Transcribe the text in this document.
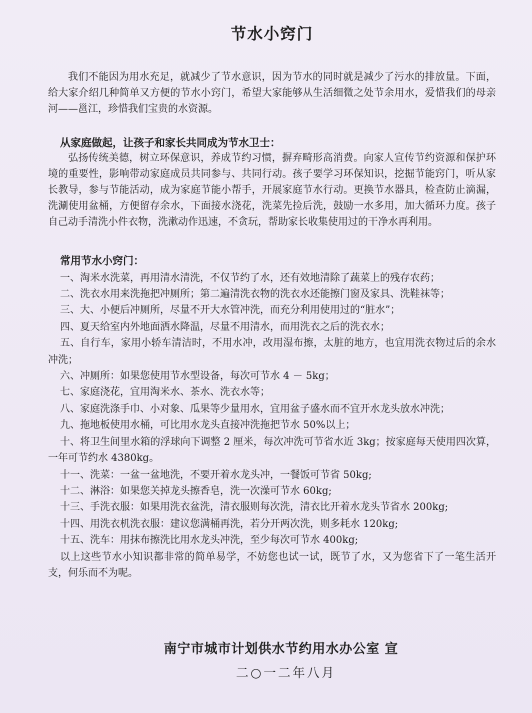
节水小窍门

我们不能因为用水充足，就减少了节水意识，因为节水的同时就是减少了污水的排放量。下面，给大家介绍几种简单又方便的节水小窍门，希望大家能够从生活细微之处节余用水，爱惜我们的母亲河——邕江，珍惜我们宝贵的水资源。

从家庭做起，让孩子和家长共同成为节水卫士：

弘扬传统美德，树立环保意识，养成节约习惯，摒弃畸形高消费。向家人宣传节约资源和保护环境的重要性，影响带动家庭成员共同参与、共同行动。孩子要学习环保知识，挖掘节能窍门，听从家长教导，参与节能活动，成为家庭节能小帮手，开展家庭节水行动。更换节水器具，检查防止滴漏，洗涮使用盆桶，方便留存余水，下面接水浇花，洗菜先捡后洗，鼓励一水多用，加大循环力度。孩子自己动手清洗小件衣物，洗漱动作迅速，不贪玩，帮助家长收集使用过的干净水再利用。

常用节水小窍门：
一、淘米水洗菜，再用清水清洗，不仅节约了水，还有效地清除了蔬菜上的残存农药；
二、洗衣水用来洗拖把冲厕所；第二遍清洗衣物的洗衣水还能擦门窗及家具、洗鞋袜等；
三、大、小便后冲厕所，尽量不开大水管冲洗，而充分利用使用过的“脏水”；
四、夏天给室内外地面洒水降温，尽量不用清水，而用洗衣之后的洗衣水；
五、自行车，家用小轿车清洁时，不用水冲，改用湿布擦，太脏的地方，也宜用洗衣物过后的余水冲洗；
六、冲厕所：如果您使用节水型设备，每次可节水 4 － 5kg；
七、家庭浇花，宜用淘米水、茶水、洗衣水等；
八、家庭洗涤手巾、小对象、瓜果等少量用水，宜用盆子盛水而不宜开水龙头放水冲洗；
九、拖地板使用水桶，可比用水龙头直接冲洗拖把节水 50%以上；
十、将卫生间里水箱的浮球向下调整 2 厘米，每次冲洗可节省水近 3kg；按家庭每天使用四次算，一年可节约水 4380kg。
十一、洗菜：一盆一盆地洗，不要开着水龙头冲，一餐饭可节省 50kg;
十二、淋浴：如果您关掉龙头擦香皂，洗一次澡可节水 60kg;
十三、手洗衣服：如果用洗衣盆洗，清衣服则每次洗，清衣比开着水龙头节省水 200kg;
十四、用洗衣机洗衣服：建议您满桶再洗，若分开两次洗，则多耗水 120kg;
十五、洗车：用抹布擦洗比用水龙头冲洗，至少每次可节水 400kg;

以上这些节水小知识都非常的简单易学，不妨您也试一试，既节了水，又为您省下了一笔生活开支，何乐而不为呢。

南宁市城市计划供水节约用水办公室 宣

二○一二年八月
